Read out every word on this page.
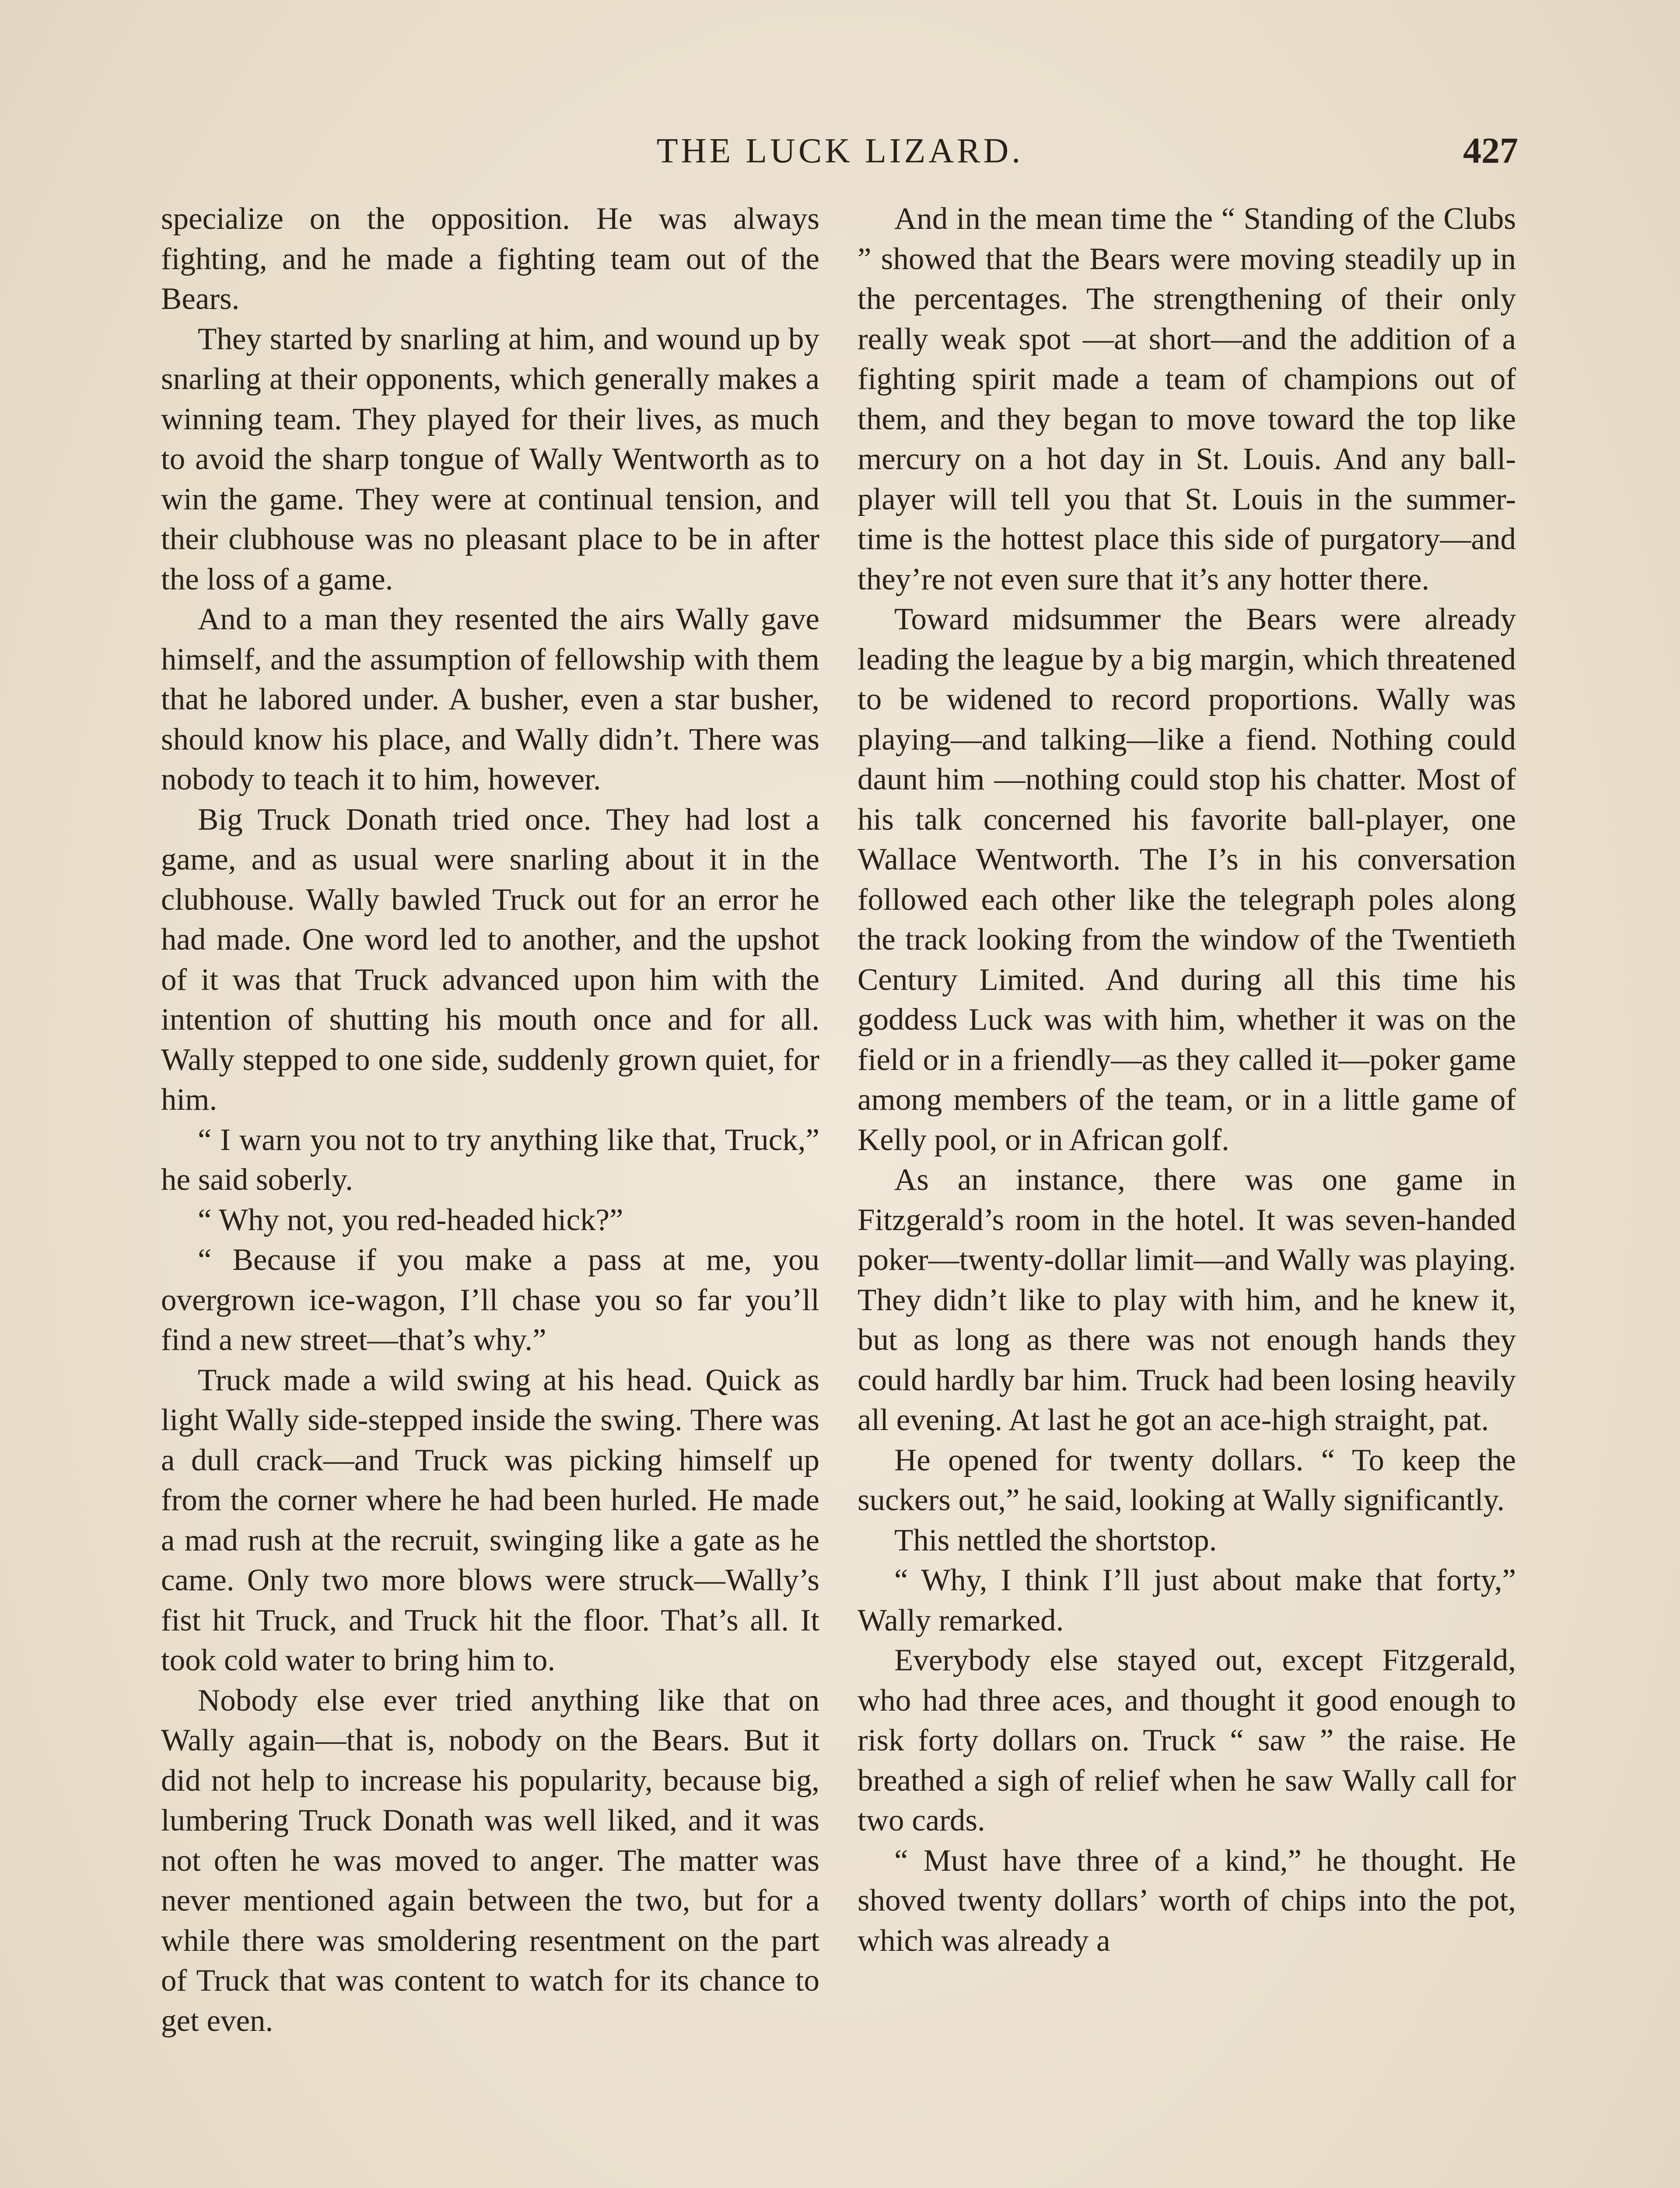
THE LUCK LIZARD.	427

specialize on the opposition. He was always fighting, and he made a fighting team out of the Bears.

They started by snarling at him, and wound up by snarling at their opponents, which generally makes a winning team. They played for their lives, as much to avoid the sharp tongue of Wally Wentworth as to win the game. They were at continual tension, and their clubhouse was no pleasant place to be in after the loss of a game.

And to a man they resented the airs Wally gave himself, and the assumption of fellowship with them that he labored under. A busher, even a star busher, should know his place, and Wally didn’t. There was nobody to teach it to him, however.

Big Truck Donath tried once. They had lost a game, and as usual were snarling about it in the clubhouse. Wally bawled Truck out for an error he had made. One word led to another, and the upshot of it was that Truck advanced upon him with the intention of shutting his mouth once and for all. Wally stepped to one side, suddenly grown quiet, for him.

“ I warn you not to try anything like that, Truck,” he said soberly.

“ Why not, you red-headed hick?”

“ Because if you make a pass at me, you overgrown ice-wagon, I’ll chase you so far you’ll find a new street—that’s why.”

Truck made a wild swing at his head. Quick as light Wally side-stepped inside the swing. There was a dull crack—and Truck was picking himself up from the corner where he had been hurled. He made a mad rush at the recruit, swinging like a gate as he came. Only two more blows were struck—Wally’s fist hit Truck, and Truck hit the floor. That’s all. It took cold water to bring him to.

Nobody else ever tried anything like that on Wally again—that is, nobody on the Bears. But it did not help to increase his popularity, because big, lumbering Truck Donath was well liked, and it was not often he was moved to anger. The matter was never mentioned again between the two, but for a while there was smoldering resentment on the part of Truck that was content to watch for its chance to get even.

And in the mean time the “ Standing of the Clubs ” showed that the Bears were moving steadily up in the percentages. The strengthening of their only really weak spot —at short—and the addition of a fighting spirit made a team of champions out of them, and they began to move toward the top like mercury on a hot day in St. Louis. And any ball-player will tell you that St. Louis in the summer-time is the hottest place this side of purgatory—and they’re not even sure that it’s any hotter there.

Toward midsummer the Bears were already leading the league by a big margin, which threatened to be widened to record proportions. Wally was playing—and talking—like a fiend. Nothing could daunt him —nothing could stop his chatter. Most of his talk concerned his favorite ball-player, one Wallace Wentworth. The I’s in his conversation followed each other like the telegraph poles along the track looking from the window of the Twentieth Century Limited. And during all this time his goddess Luck was with him, whether it was on the field or in a friendly—as they called it—poker game among members of the team, or in a little game of Kelly pool, or in African golf.

As an instance, there was one game in Fitzgerald’s room in the hotel. It was seven-handed poker—twenty-dollar limit—and Wally was playing. They didn’t like to play with him, and he knew it, but as long as there was not enough hands they could hardly bar him. Truck had been losing heavily all evening. At last he got an ace-high straight, pat.

He opened for twenty dollars. “ To keep the suckers out,” he said, looking at Wally significantly.

This nettled the shortstop.

“ Why, I think I’ll just about make that forty,” Wally remarked.

Everybody else stayed out, except Fitzgerald, who had three aces, and thought it good enough to risk forty dollars on. Truck “ saw ” the raise. He breathed a sigh of relief when he saw Wally call for two cards.

“ Must have three of a kind,” he thought. He shoved twenty dollars’ worth of chips into the pot, which was already a
